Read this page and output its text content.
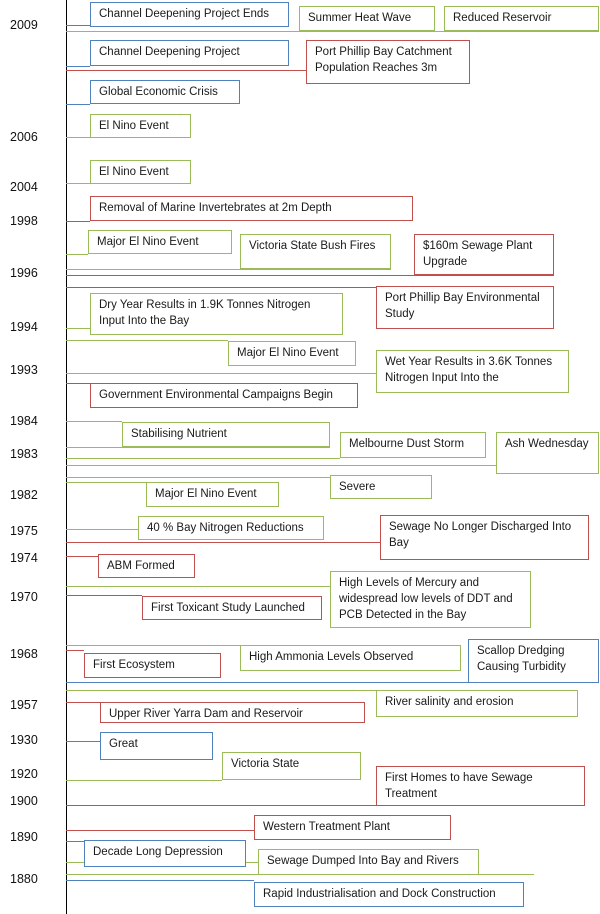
2009
2006
2004
1998
1996
1994
1993
1984
1983
1982
1975
1974
1970
1968
1957
1930
1920
1900
1890
1880
Channel Deepening Project Ends	Summer Heat Wave	Reduced Reservoir
Channel Deepening Project	Port Phillip Bay Catchment Population Reaches 3m
Global Economic Crisis
El Nino Event
El Nino Event
Removal of Marine Invertebrates at 2m Depth
Major El Nino Event	Victoria State Bush Fires	$160m Sewage Plant Upgrade
Dry Year Results in 1.9K Tonnes Nitrogen Input Into the Bay
Port Phillip Bay Environmental Study
Major El Nino Event
Wet Year Results in 3.6K Tonnes Nitrogen Input Into the
Government Environmental Campaigns Begin
Stabilising Nutrient
Melbourne Dust Storm	Ash Wednesday
Major El Nino Event
Severe
40 % Bay Nitrogen Reductions	Sewage No Longer Discharged Into Bay
ABM Formed
High Levels of Mercury and widespread low levels of DDT and PCB Detected in the Bay
First Toxicant Study Launched
First Ecosystem
High Ammonia Levels Observed	Scallop Dredging Causing Turbidity
River salinity and erosion
Upper River Yarra Dam and Reservoir
Great
Victoria State
First Homes to have Sewage Treatment
Western Treatment Plant
Decade Long Depression
Sewage Dumped Into Bay and Rivers
Rapid Industrialisation and Dock Construction
